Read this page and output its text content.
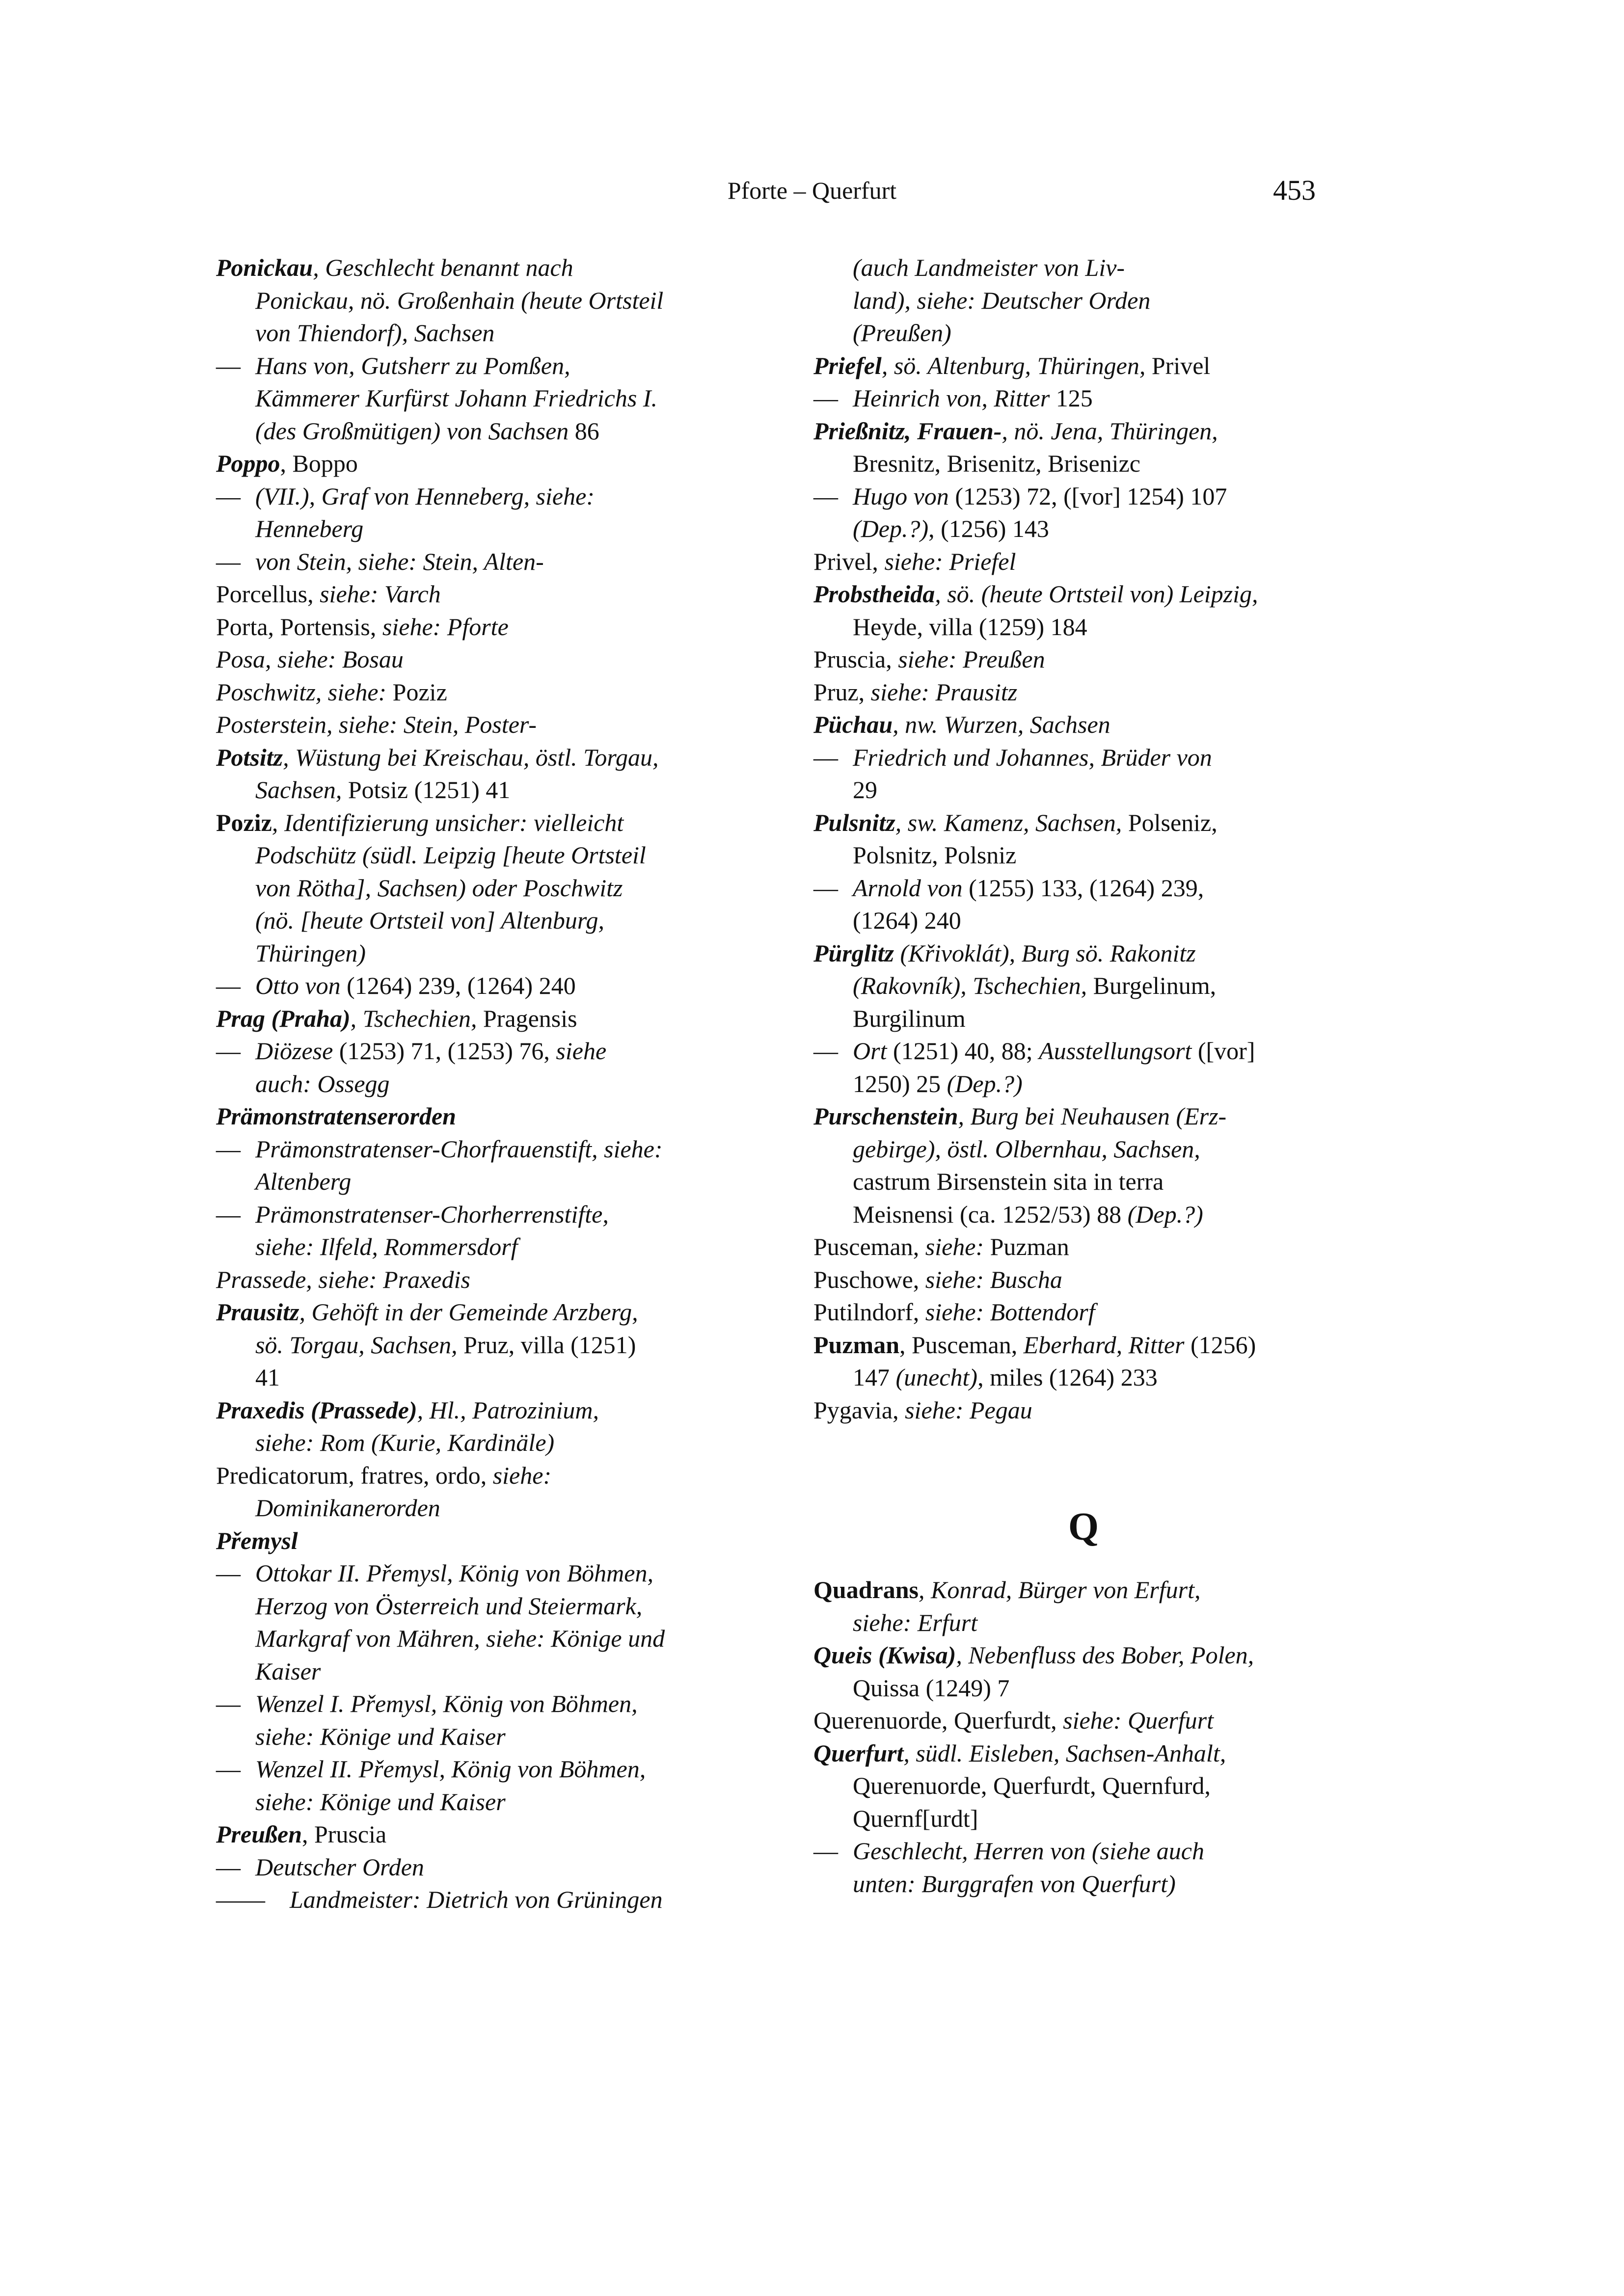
Pforte – Querfurt	453
Ponickau, Geschlecht benannt nach
Ponickau, nö. Großenhain (heute Ortsteil
von Thiendorf), Sachsen
— Hans von, Gutsherr zu Pomßen,
Kämmerer Kurfürst Johann Friedrichs I.
(des Großmütigen) von Sachsen 86
Poppo, Boppo
— (VII.), Graf von Henneberg, siehe:
Henneberg
— von Stein, siehe: Stein, Alten-
Porcellus, siehe: Varch
Porta, Portensis, siehe: Pforte
Posa, siehe: Bosau
Poschwitz, siehe: Poziz
Posterstein, siehe: Stein, Poster-
Potsitz, Wüstung bei Kreischau, östl. Torgau,
Sachsen, Potsiz (1251) 41
Poziz, Identifizierung unsicher: vielleicht
Podschütz (südl. Leipzig [heute Ortsteil
von Rötha], Sachsen) oder Poschwitz
(nö. [heute Ortsteil von] Altenburg,
Thüringen)
— Otto von (1264) 239, (1264) 240
Prag (Praha), Tschechien, Pragensis
— Diözese (1253) 71, (1253) 76, siehe
auch: Ossegg
Prämonstratenserorden
— Prämonstratenser-Chorfrauenstift, siehe:
Altenberg
— Prämonstratenser-Chorherrenstifte,
siehe: Ilfeld, Rommersdorf
Prassede, siehe: Praxedis
Prausitz, Gehöft in der Gemeinde Arzberg,
sö. Torgau, Sachsen, Pruz, villa (1251)
41
Praxedis (Prassede), Hl., Patrozinium,
siehe: Rom (Kurie, Kardinäle)
Predicatorum, fratres, ordo, siehe:
Dominikanerorden
Přemysl
— Ottokar II. Přemysl, König von Böhmen,
Herzog von Österreich und Steiermark,
Markgraf von Mähren, siehe: Könige und
Kaiser
— Wenzel I. Přemysl, König von Böhmen,
siehe: Könige und Kaiser
— Wenzel II. Přemysl, König von Böhmen,
siehe: Könige und Kaiser
Preußen, Pruscia
— Deutscher Orden
—— Landmeister: Dietrich von Grüningen
(auch Landmeister von Liv-
land), siehe: Deutscher Orden
(Preußen)
Priefel, sö. Altenburg, Thüringen, Privel
— Heinrich von, Ritter 125
Prießnitz, Frauen-, nö. Jena, Thüringen,
Bresnitz, Brisenitz, Brisenizc
— Hugo von (1253) 72, ([vor] 1254) 107
(Dep.?), (1256) 143
Privel, siehe: Priefel
Probstheida, sö. (heute Ortsteil von) Leipzig,
Heyde, villa (1259) 184
Pruscia, siehe: Preußen
Pruz, siehe: Prausitz
Püchau, nw. Wurzen, Sachsen
— Friedrich und Johannes, Brüder von
29
Pulsnitz, sw. Kamenz, Sachsen, Polseniz,
Polsnitz, Polsniz
— Arnold von (1255) 133, (1264) 239,
(1264) 240
Pürglitz (Křivoklát), Burg sö. Rakonitz
(Rakovník), Tschechien, Burgelinum,
Burgilinum
— Ort (1251) 40, 88; Ausstellungsort ([vor]
1250) 25 (Dep.?)
Purschenstein, Burg bei Neuhausen (Erz-
gebirge), östl. Olbernhau, Sachsen,
castrum Birsenstein sita in terra
Meisnensi (ca. 1252/53) 88 (Dep.?)
Pusceman, siehe: Puzman
Puschowe, siehe: Buscha
Putilndorf, siehe: Bottendorf
Puzman, Pusceman, Eberhard, Ritter (1256)
147 (unecht), miles (1264) 233
Pygavia, siehe: Pegau
Q
Quadrans, Konrad, Bürger von Erfurt,
siehe: Erfurt
Queis (Kwisa), Nebenfluss des Bober, Polen,
Quissa (1249) 7
Querenuorde, Querfurdt, siehe: Querfurt
Querfurt, südl. Eisleben, Sachsen-Anhalt,
Querenuorde, Querfurdt, Quernfurd,
Quernf[urdt]
— Geschlecht, Herren von (siehe auch
unten: Burggrafen von Querfurt)
